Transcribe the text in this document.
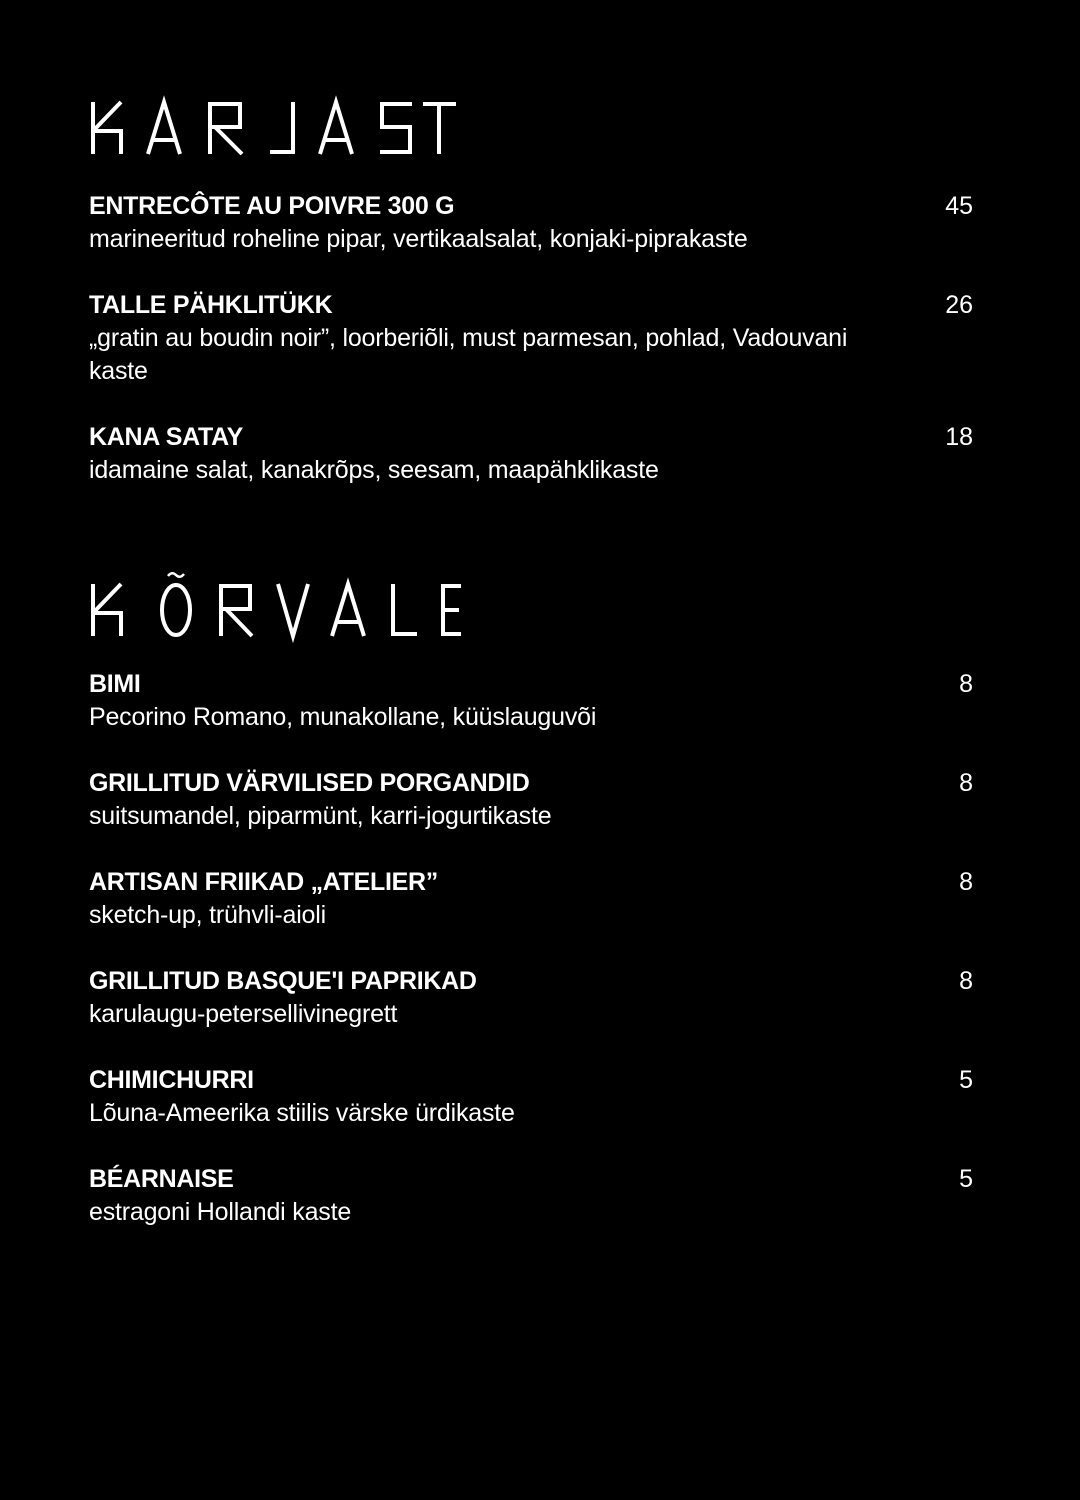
ENTRECÔTE AU POIVRE 300 G
marineeritud roheline pipar, vertikaalsalat, konjaki-piprakaste
45
TALLE PÄHKLITÜKK
„gratin au boudin noir”, loorberiõli, must parmesan, pohlad, Vadouvani kaste
26
KANA SATAY
idamaine salat, kanakrõps, seesam, maapähklikaste
18
BIMI
Pecorino Romano, munakollane, küüslauguvõi
8
GRILLITUD VÄRVILISED PORGANDID
suitsumandel, piparmünt, karri-jogurtikaste
8
ARTISAN FRIIKAD „ATELIER”
sketch-up, trühvli-aioli
8
GRILLITUD BASQUE'I PAPRIKAD
karulaugu-petersellivinegrett
8
CHIMICHURRI
Lõuna-Ameerika stiilis värske ürdikaste
5
BÉARNAISE
estragoni Hollandi kaste
5
